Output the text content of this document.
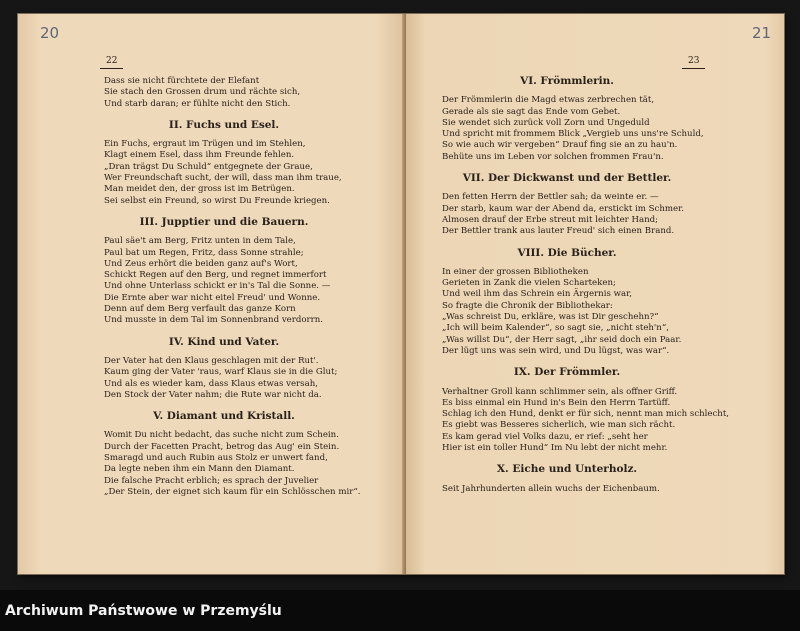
20
22
Dass sie nicht fürchtete der Elefant
Sie stach den Grossen drum und rächte sich,
Und starb daran; er fühlte nicht den Stich.
II. Fuchs und Esel.
Ein Fuchs, ergraut im Trügen und im Stehlen,
Klagt einem Esel, dass ihm Freunde fehlen.
„Dran trägst Du Schuld“ entgegnete der Graue,
Wer Freundschaft sucht, der will, dass man ihm traue,
Man meidet den, der gross ist im Betrügen.
Sei selbst ein Freund, so wirst Du Freunde kriegen.
III. Jupptier und die Bauern.
Paul säe't am Berg, Fritz unten in dem Tale,
Paul bat um Regen, Fritz, dass Sonne strahle;
Und Zeus erhört die beiden ganz auf's Wort,
Schickt Regen auf den Berg, und regnet immerfort
Und ohne Unterlass schickt er in's Tal die Sonne. —
Die Ernte aber war nicht eitel Freud' und Wonne.
Denn auf dem Berg verfault das ganze Korn
Und musste in dem Tal im Sonnenbrand verdorrn.
IV. Kind und Vater.
Der Vater hat den Klaus geschlagen mit der Rut'.
Kaum ging der Vater 'raus, warf Klaus sie in die Glut;
Und als es wieder kam, dass Klaus etwas versah,
Den Stock der Vater nahm; die Rute war nicht da.
V. Diamant und Kristall.
Womit Du nicht bedacht, das suche nicht zum Schein.
Durch der Facetten Pracht, betrog das Aug' ein Stein.
Smaragd und auch Rubin aus Stolz er unwert fand,
Da legte neben ihm ein Mann den Diamant.
Die falsche Pracht erblich; es sprach der Juvelier
„Der Stein, der eignet sich kaum für ein Schlösschen mir“.
21
23
VI. Frömmlerin.
Der Frömmlerin die Magd etwas zerbrechen tät,
Gerade als sie sagt das Ende vom Gebet.
Sie wendet sich zurück voll Zorn und Ungeduld
Und spricht mit frommem Blick „Vergieb uns uns're Schuld,
So wie auch wir vergeben“ Drauf fing sie an zu hau'n.
Behüte uns im Leben vor solchen frommen Frau'n.
VII. Der Dickwanst und der Bettler.
Den fetten Herrn der Bettler sah; da weinte er. —
Der starb, kaum war der Abend da, erstickt im Schmer.
Almosen drauf der Erbe streut mit leichter Hand;
Der Bettler trank aus lauter Freud' sich einen Brand.
VIII. Die Bücher.
In einer der grossen Bibliotheken
Gerieten in Zank die vielen Scharteken;
Und weil ihm das Schrein ein Ärgernis war,
So fragte die Chronik der Bibliothekar:
„Was schreist Du, erkläre, was ist Dir geschehn?“
„Ich will beim Kalender“, so sagt sie, „nicht steh'n“,
„Was willst Du“, der Herr sagt, „ihr seid doch ein Paar.
Der lügt uns was sein wird, und Du lügst, was war“.
IX. Der Frömmler.
Verhaltner Groll kann schlimmer sein, als offner Griff.
Es biss einmal ein Hund in's Bein den Herrn Tartüff.
Schlag ich den Hund, denkt er für sich, nennt man mich schlecht,
Es giebt was Besseres sicherlich, wie man sich rächt.
Es kam gerad viel Volks dazu, er rief: „seht her
Hier ist ein toller Hund“ Im Nu lebt der nicht mehr.
X. Eiche und Unterholz.
Seit Jahrhunderten allein wuchs der Eichenbaum.
Archiwum Państwowe w Przemyślu
